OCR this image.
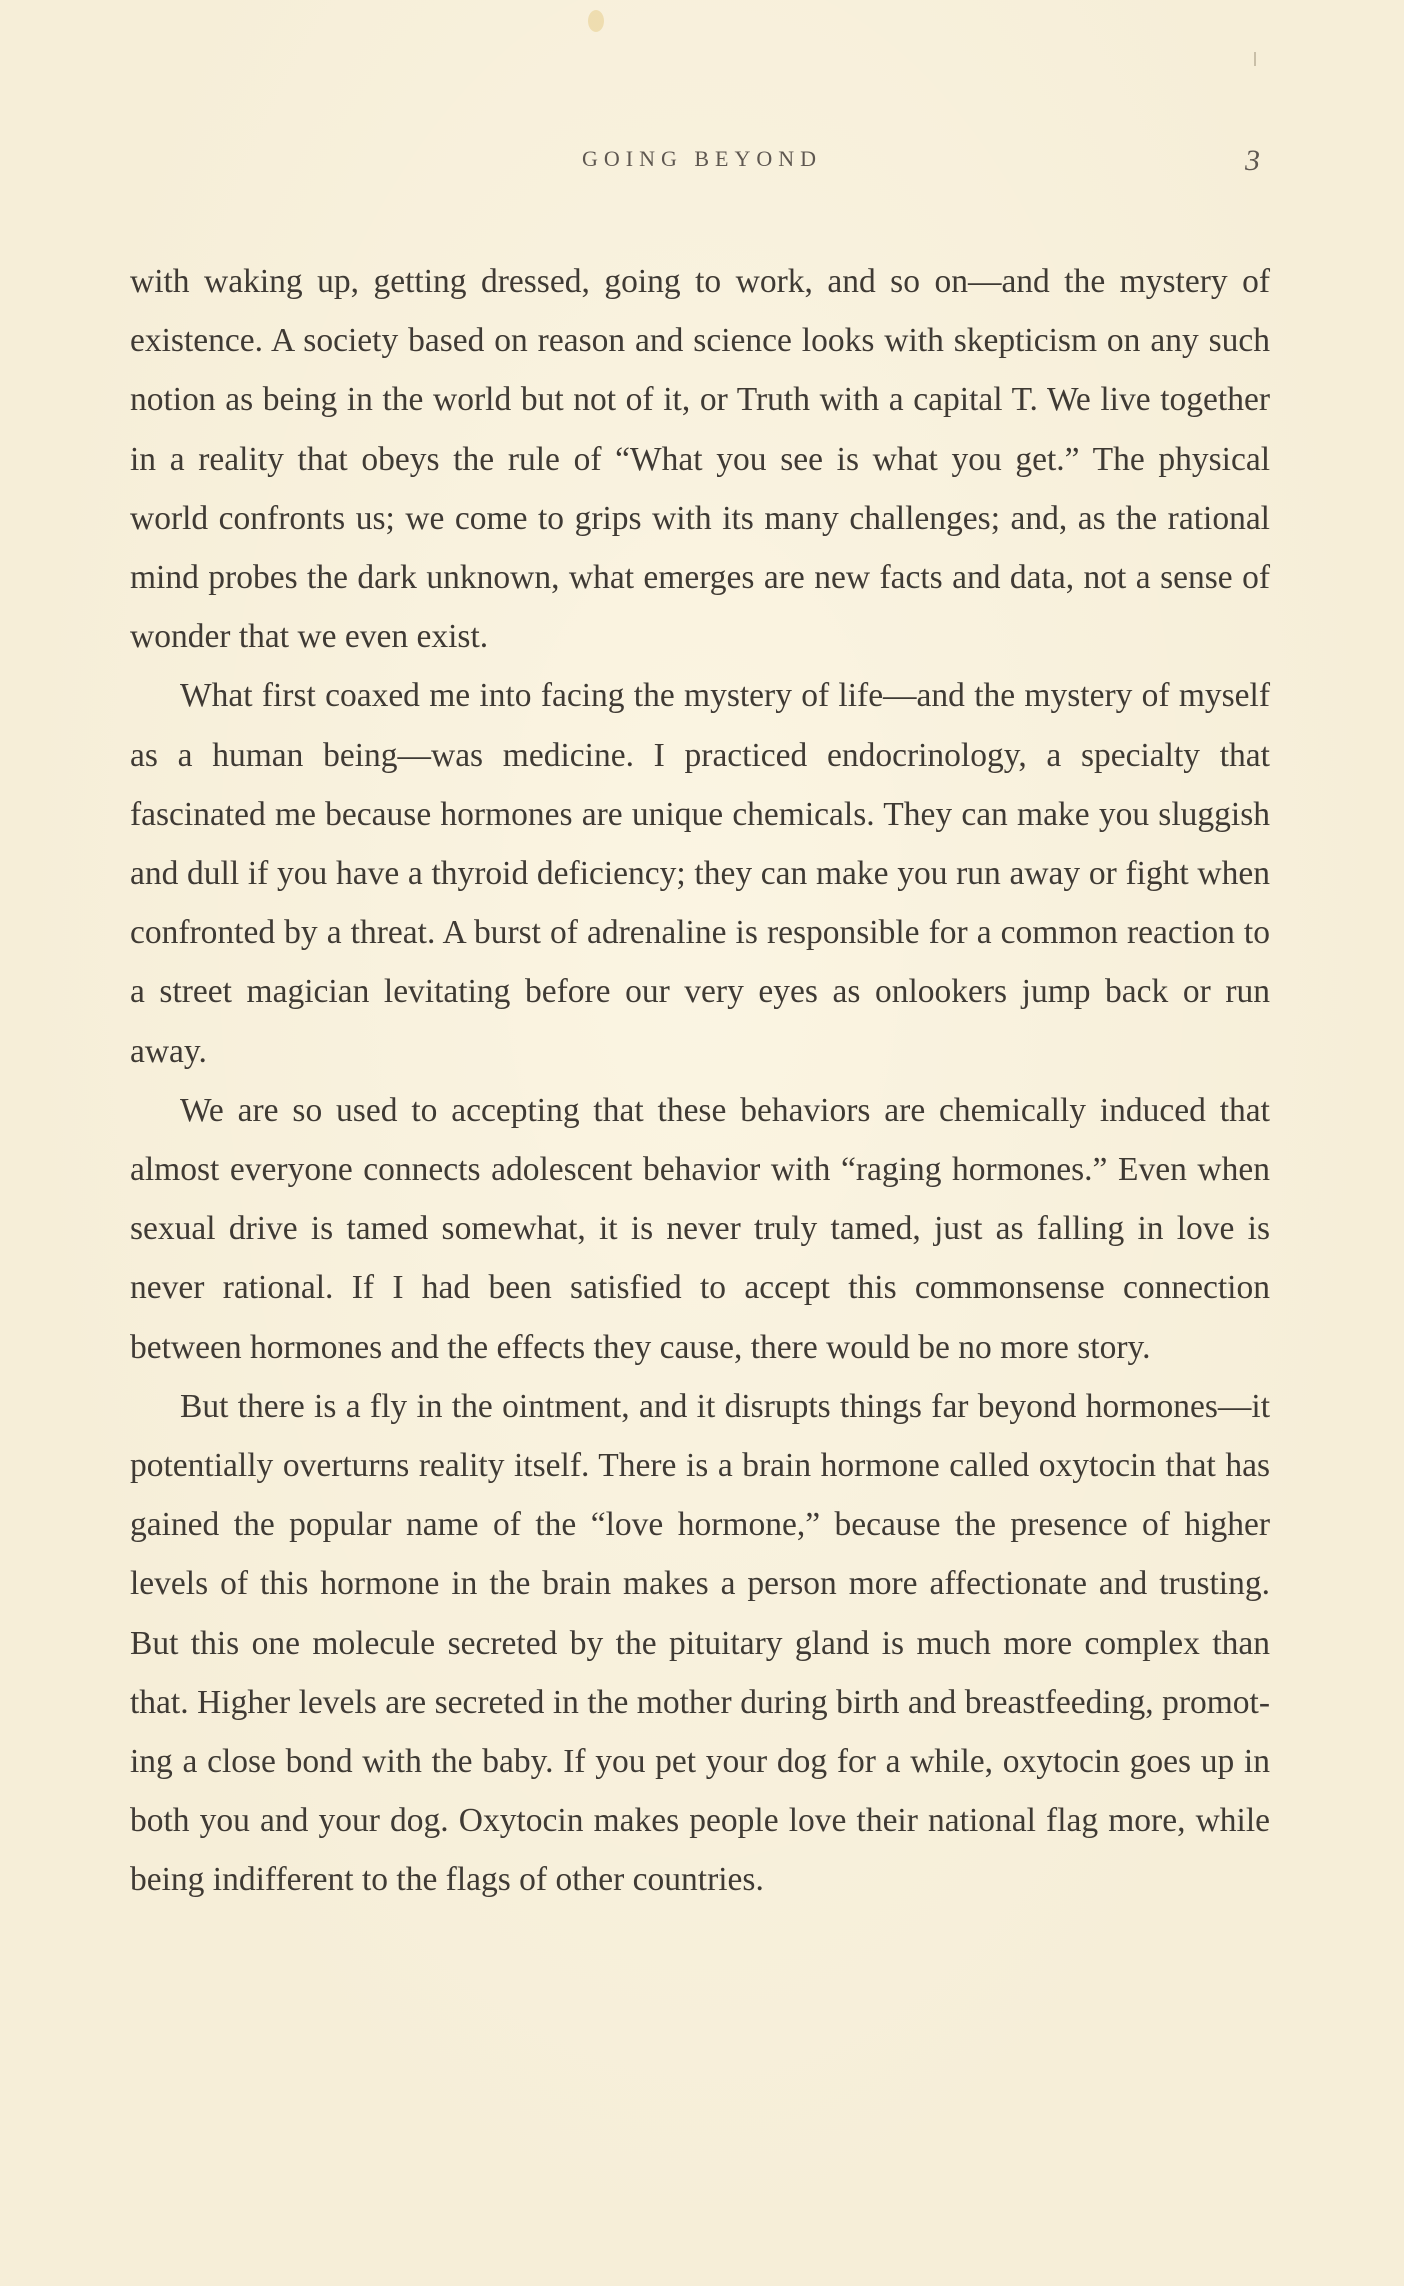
GOING BEYOND	3

with waking up, getting dressed, going to work, and so on—and the mystery of existence. A society based on reason and science looks with skepticism on any such notion as being in the world but not of it, or Truth with a capital T. We live together in a reality that obeys the rule of “What you see is what you get.” The physical world confronts us; we come to grips with its many challenges; and, as the rational mind probes the dark unknown, what emerges are new facts and data, not a sense of wonder that we even exist.

What first coaxed me into facing the mystery of life—and the mystery of myself as a human being—was medicine. I practiced endocrinology, a specialty that fascinated me because hormones are unique chemicals. They can make you sluggish and dull if you have a thyroid deficiency; they can make you run away or fight when confronted by a threat. A burst of adrenaline is responsible for a common reaction to a street magician levitating before our very eyes as onlookers jump back or run away.

We are so used to accepting that these behaviors are chemically induced that almost everyone connects adolescent behavior with “raging hormones.” Even when sexual drive is tamed somewhat, it is never truly tamed, just as falling in love is never rational. If I had been satisfied to accept this commonsense connection between hormones and the effects they cause, there would be no more story.

But there is a fly in the ointment, and it disrupts things far beyond hormones—it potentially overturns reality itself. There is a brain hormone called oxytocin that has gained the popular name of the “love hormone,” because the presence of higher levels of this hormone in the brain makes a person more affectionate and trusting. But this one molecule secreted by the pituitary gland is much more complex than that. Higher levels are secreted in the mother during birth and breastfeeding, promoting a close bond with the baby. If you pet your dog for a while, oxytocin goes up in both you and your dog. Oxytocin makes people love their national flag more, while being indifferent to the flags of other countries.
